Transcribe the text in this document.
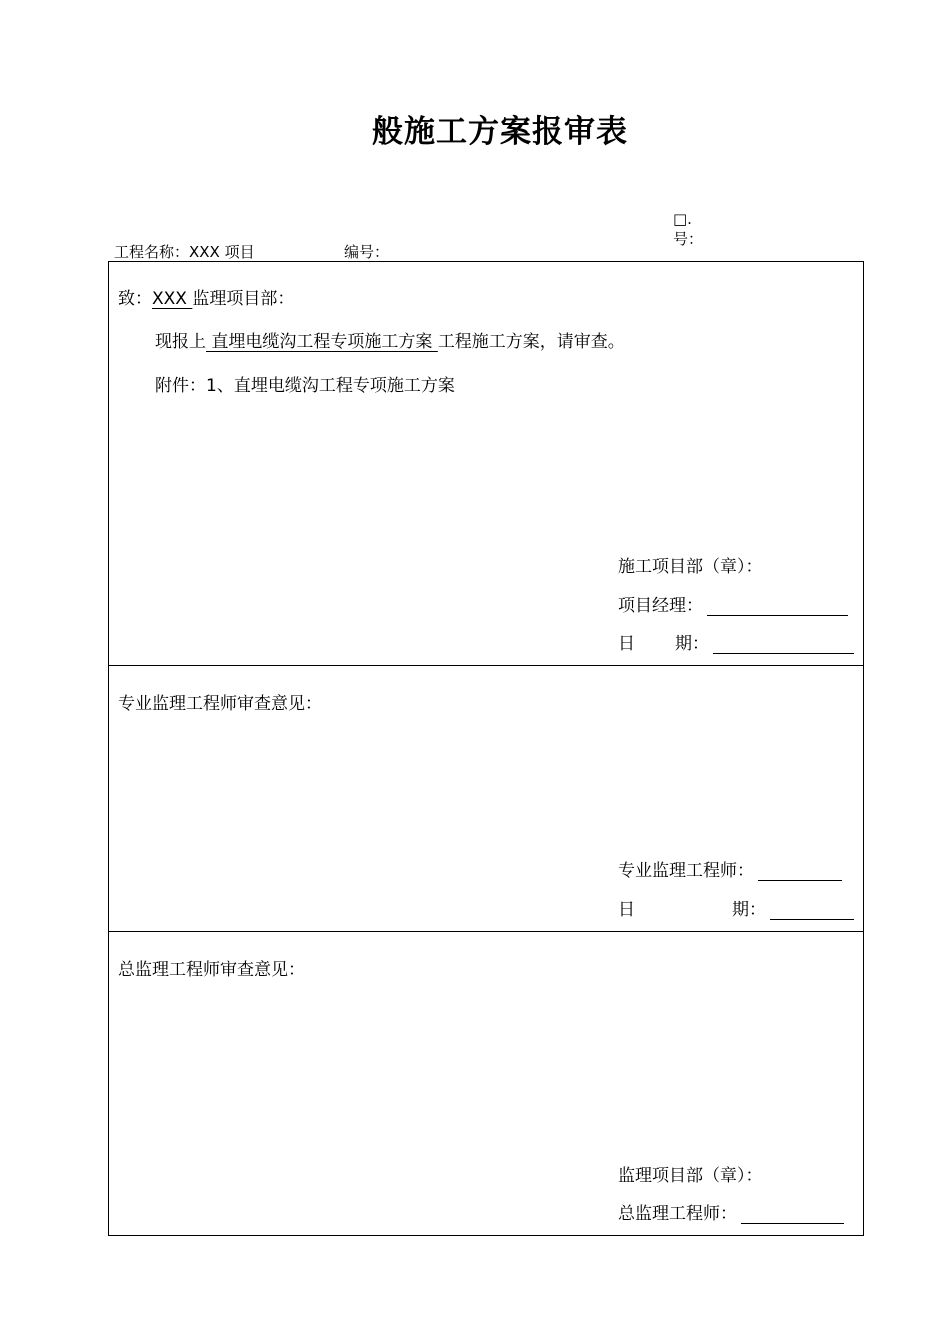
般施工方案报审表
□.
号：
工程名称：XXX 项目	编号：
致：XXX 监理项目部：
现报上 直埋电缆沟工程专项施工方案 工程施工方案，请审查。
附件：1、直埋电缆沟工程专项施工方案
施工项目部（章）：
项目经理：
日 期：
专业监理工程师审查意见：
专业监理工程师：
日	期：
总监理工程师审查意见：
监理项目部（章）：
总监理工程师：
